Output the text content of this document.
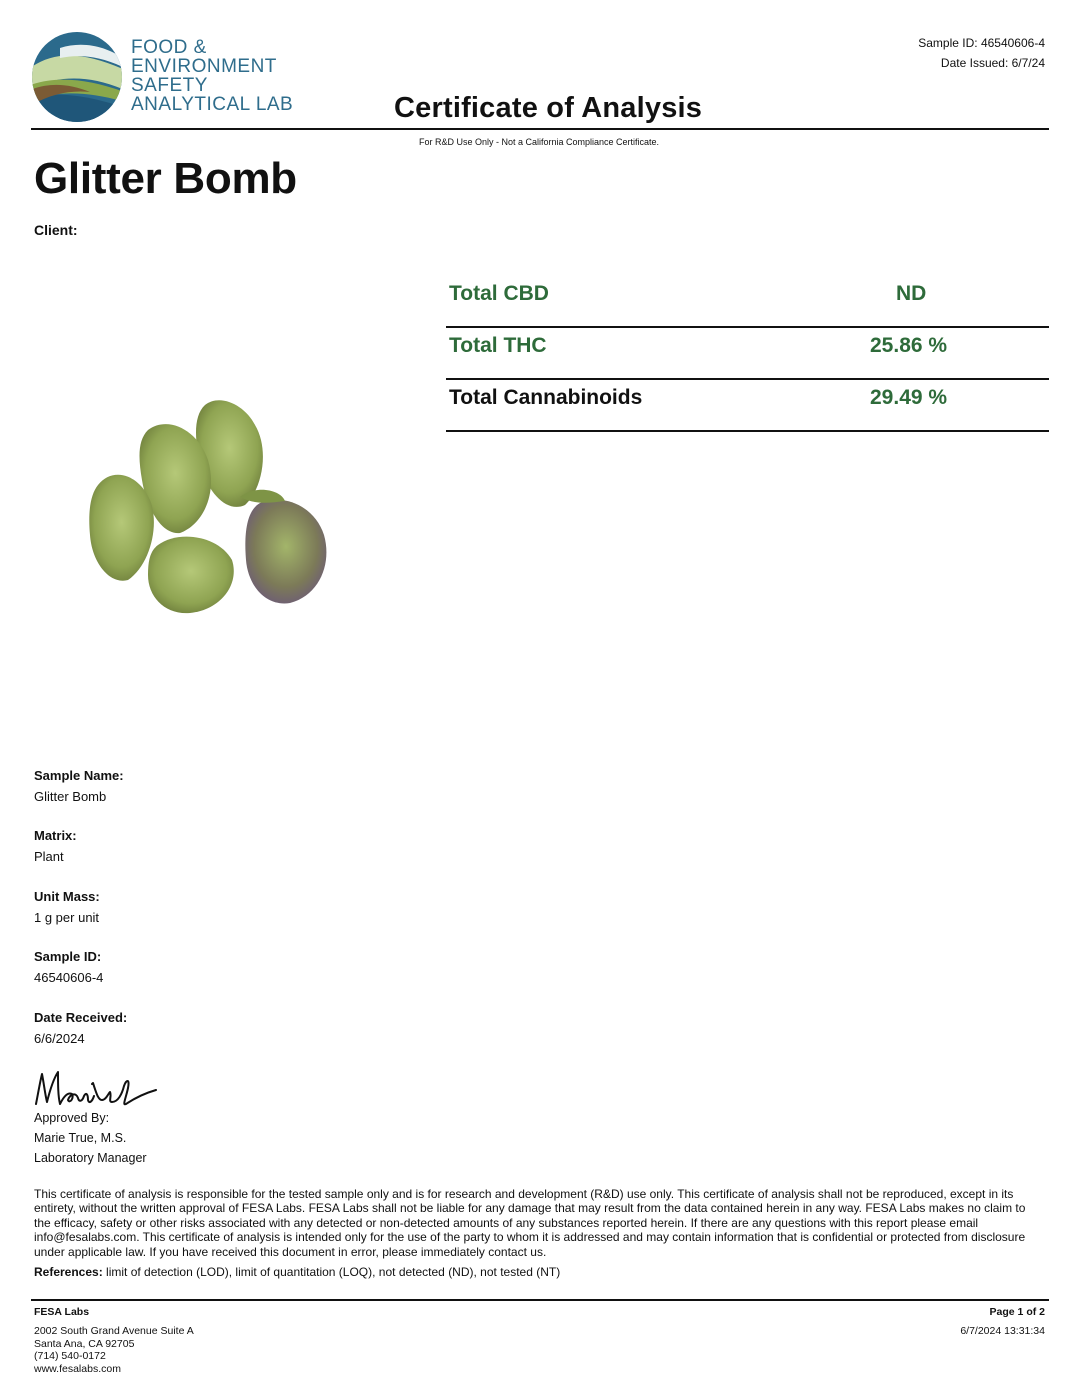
FOOD &
ENVIRONMENT
SAFETY
ANALYTICAL LAB
Sample ID: 46540606-4
Date Issued: 6/7/24
Certificate of Analysis
For R&D Use Only - Not a California Compliance Certificate.
Glitter Bomb
Client:
Total CBD	ND
Total THC	25.86 %
Total Cannabinoids	29.49 %
Sample Name:
Glitter Bomb
Matrix:
Plant
Unit Mass:
1 g per unit
Sample ID:
46540606-4
Date Received:
6/6/2024
Approved By:
Marie True, M.S.
Laboratory Manager
This certificate of analysis is responsible for the tested sample only and is for research and development (R&D) use only. This certificate of analysis shall not be reproduced, except in its entirety, without the written approval of FESA Labs. FESA Labs shall not be liable for any damage that may result from the data contained herein in any way. FESA Labs makes no claim to the efficacy, safety or other risks associated with any detected or non-detected amounts of any substances reported herein. If there are any questions with this report please email info@fesalabs.com. This certificate of analysis is intended only for the use of the party to whom it is addressed and may contain information that is confidential or protected from disclosure under applicable law. If you have received this document in error, please immediately contact us.
References: limit of detection (LOD), limit of quantitation (LOQ), not detected (ND), not tested (NT)
FESA Labs
2002 South Grand Avenue Suite A
Santa Ana, CA 92705
(714) 540-0172
www.fesalabs.com
Page 1 of 2
6/7/2024 13:31:34
